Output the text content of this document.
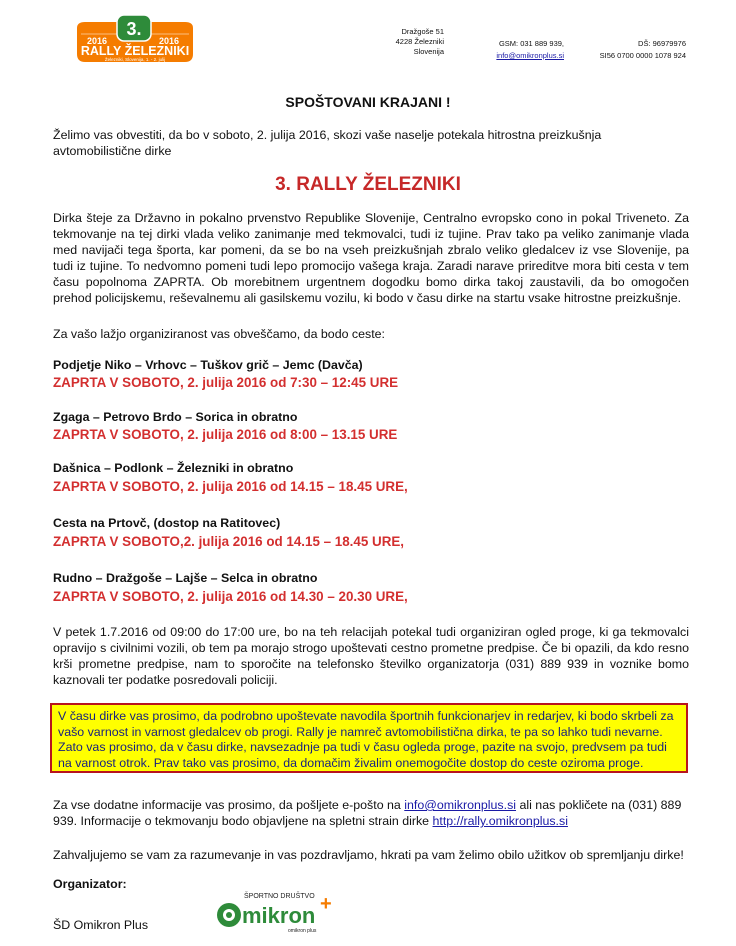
3.
2016	2016
RALLY ŽELEZNIKI
Železniki, Slovenija, 1. - 2. julij
Dražgoše 51
4228 Železniki
Slovenija
GSM: 031 889 939,
info@omikronplus.si
DŠ: 96979976
SI56 0700 0000 1078 924
SPOŠTOVANI KRAJANI !
Želimo vas obvestiti, da bo v soboto, 2. julija 2016, skozi vaše naselje potekala hitrostna preizkušnja avtomobilistične dirke
3. RALLY ŽELEZNIKI
Dirka šteje za Državno in pokalno prvenstvo Republike Slovenije, Centralno evropsko cono in pokal Triveneto. Za tekmovanje na tej dirki vlada veliko zanimanje med tekmovalci, tudi iz tujine. Prav tako pa veliko zanimanje vlada med navijači tega športa, kar pomeni, da se bo na vseh preizkušnjah zbralo veliko gledalcev iz vse Slovenije, pa tudi iz tujine. To nedvomno pomeni tudi lepo promocijo vašega kraja. Zaradi narave prireditve mora biti cesta v tem času popolnoma ZAPRTA. Ob morebitnem urgentnem dogodku bomo dirka takoj zaustavili, da bo omogočen prehod policijskemu, reševalnemu ali gasilskemu vozilu, ki bodo v času dirke na startu vsake hitrostne preizkušnje.
Za vašo lažjo organiziranost vas obveščamo, da bodo ceste:
Podjetje Niko – Vrhovc – Tuškov grič – Jemc (Davča)
ZAPRTA V SOBOTO, 2. julija 2016 od 7:30 – 12:45 URE
Zgaga – Petrovo Brdo – Sorica in obratno
ZAPRTA V SOBOTO, 2. julija 2016 od 8:00 – 13.15 URE
Dašnica – Podlonk – Železniki in obratno
ZAPRTA V SOBOTO, 2. julija 2016 od 14.15 – 18.45 URE,
Cesta na Prtovč, (dostop na Ratitovec)
ZAPRTA V SOBOTO,2. julija 2016 od 14.15 – 18.45 URE,
Rudno – Dražgoše – Lajše – Selca in obratno
ZAPRTA V SOBOTO, 2. julija 2016 od 14.30 – 20.30 URE,
V petek 1.7.2016 od 09:00 do 17:00 ure, bo na teh relacijah potekal tudi organiziran ogled proge, ki ga tekmovalci opravijo s civilnimi vozili, ob tem pa morajo strogo upoštevati cestno prometne predpise. Če bi opazili, da kdo resno krši prometne predpise, nam to sporočite na telefonsko številko organizatorja (031) 889 939 in voznike bomo kaznovali ter podatke posredovali policiji.
V času dirke vas prosimo, da podrobno upoštevate navodila športnih funkcionarjev in redarjev, ki bodo skrbeli za vašo varnost in varnost gledalcev ob progi. Rally je namreč avtomobilistična dirka, te pa so lahko tudi nevarne. Zato vas prosimo, da v času dirke, navsezadnje pa tudi v času ogleda proge, pazite na svojo, predvsem pa tudi na varnost otrok. Prav tako vas prosimo, da domačim živalim onemogočite dostop do ceste oziroma proge.
Za vse dodatne informacije vas prosimo, da pošljete e-pošto na info@omikronplus.si ali nas pokličete na (031) 889 939. Informacije o tekmovanju bodo objavljene na spletni strain dirke http://rally.omikronplus.si
Zahvaljujemo se vam za razumevanje in vas pozdravljamo, hkrati pa vam želimo obilo užitkov ob spremljanju dirke!
Organizator:
ŠD Omikron Plus
ŠPORTNO DRUŠTVO
mikron +
omikron plus
